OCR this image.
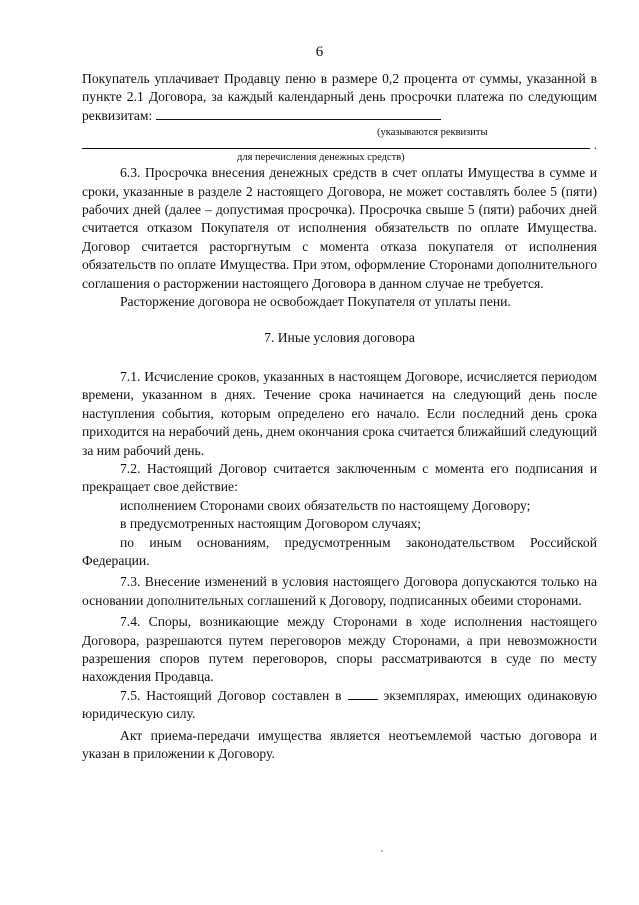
6

Покупатель уплачивает Продавцу пеню в размере 0,2 процента от суммы, указанной в пункте 2.1 Договора, за каждый календарный день просрочки платежа по следующим реквизитам:

(указываются реквизиты
.
для перечисления денежных средств)

6.3. Просрочка внесения денежных средств в счет оплаты Имущества в сумме и сроки, указанные в разделе 2 настоящего Договора, не может составлять более 5 (пяти) рабочих дней (далее – допустимая просрочка). Просрочка свыше 5 (пяти) рабочих дней считается отказом Покупателя от исполнения обязательств по оплате Имущества. Договор считается расторгнутым с момента отказа покупателя от исполнения обязательств по оплате Имущества. При этом, оформление Сторонами дополнительного соглашения о расторжении настоящего Договора в данном случае не требуется.

Расторжение договора не освобождает Покупателя от уплаты пени.

7. Иные условия договора

7.1. Исчисление сроков, указанных в настоящем Договоре, исчисляется периодом времени, указанном в днях. Течение срока начинается на следующий день после наступления события, которым определено его начало. Если последний день срока приходится на нерабочий день, днем окончания срока считается ближайший следующий за ним рабочий день.

7.2. Настоящий Договор считается заключенным с момента его подписания и прекращает свое действие:

исполнением Сторонами своих обязательств по настоящему Договору;

в предусмотренных настоящим Договором случаях;

по иным основаниям, предусмотренным законодательством Российской Федерации.

7.3. Внесение изменений в условия настоящего Договора допускаются только на основании дополнительных соглашений к Договору, подписанных обеими сторонами.

7.4. Споры, возникающие между Сторонами в ходе исполнения настоящего Договора, разрешаются путем переговоров между Сторонами, а при невозможности разрешения споров путем переговоров, споры рассматриваются в суде по месту нахождения Продавца.

7.5. Настоящий Договор составлен в	экземплярах, имеющих одинаковую юридическую силу.

Акт приема-передачи имущества является неотъемлемой частью договора и указан в приложении к Договору.
